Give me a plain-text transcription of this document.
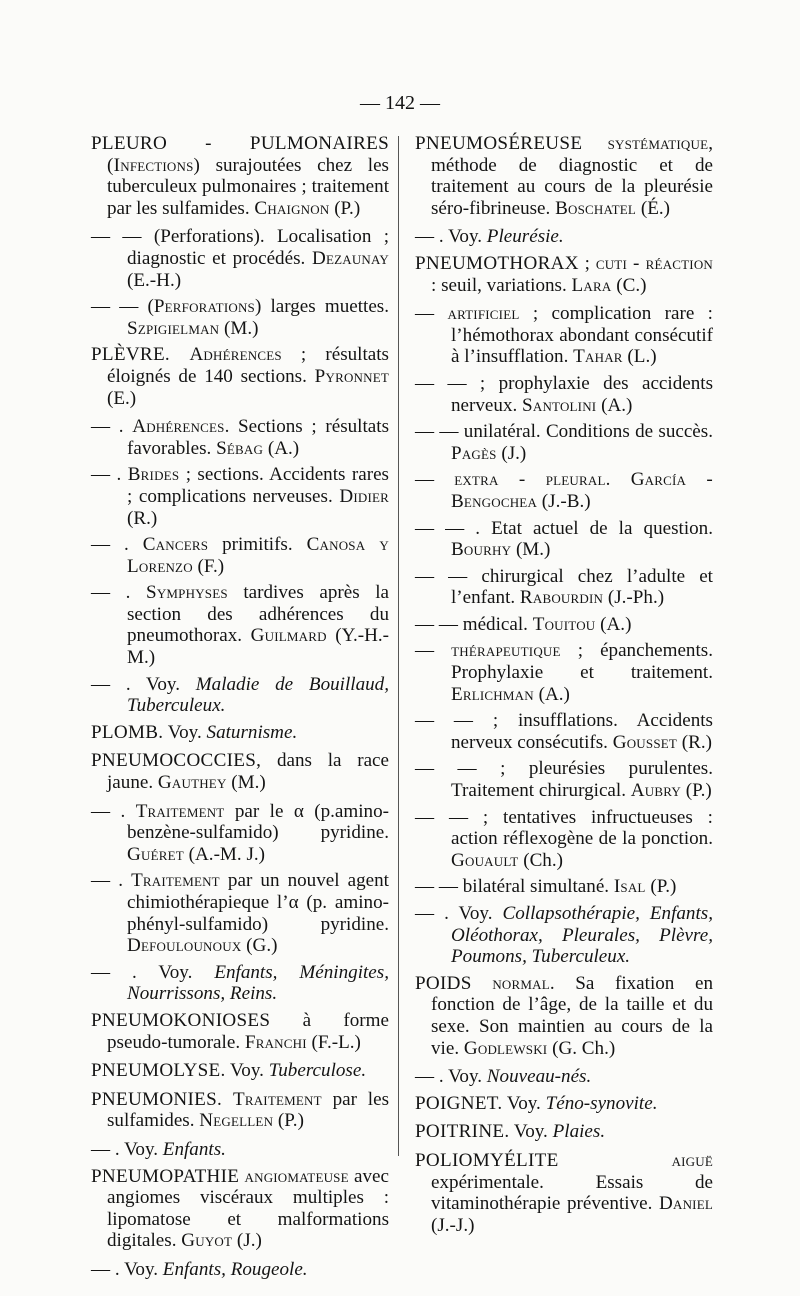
— 142 —

PLEURO - PULMONAIRES (Infections) surajoutées chez les tuberculeux pulmonaires ; traitement par les sulfamides. Chaignon (P.)

— — (Perforations). Localisation ; diagnostic et procédés. Dezaunay (E.-H.)

— — (Perforations) larges muettes. Szpigielman (M.)

PLÈVRE. Adhérences ; résultats éloignés de 140 sections. Pyronnet (E.)

— . Adhérences. Sections ; résultats favorables. Sébag (A.)

— . Brides ; sections. Accidents rares ; complications nerveuses. Didier (R.)

— . Cancers primitifs. Canosa y Lorenzo (F.)

— . Symphyses tardives après la section des adhérences du pneumothorax. Guilmard (Y.-H.-M.)

— . Voy. Maladie de Bouillaud, Tuberculeux.

PLOMB. Voy. Saturnisme.

PNEUMOCOCCIES, dans la race jaune. Gauthey (M.)

— . Traitement par le α (p.amino-benzène-sulfamido) pyridine. Guéret (A.-M. J.)

— . Traitement par un nouvel agent chimiothérapieque l’α (p. amino-phényl-sulfamido) pyridine. Defoulounoux (G.)

— . Voy. Enfants, Méningites, Nourrissons, Reins.

PNEUMOKONIOSES à forme pseudo-tumorale. Franchi (F.-L.)

PNEUMOLYSE. Voy. Tuberculose.

PNEUMONIES. Traitement par les sulfamides. Negellen (P.)

— . Voy. Enfants.

PNEUMOPATHIE angiomateuse avec angiomes viscéraux multiples : lipomatose et malformations digitales. Guyot (J.)

— . Voy. Enfants, Rougeole.

PNEUMOSÉREUSE systématique, méthode de diagnostic et de traitement au cours de la pleurésie séro-fibrineuse. Boschatel (É.)

— . Voy. Pleurésie.

PNEUMOTHORAX ; cuti - réaction : seuil, variations. Lara (C.)

— artificiel ; complication rare : l’hémothorax abondant consécutif à l’insufflation. Tahar (L.)

— — ; prophylaxie des accidents nerveux. Santolini (A.)

— — unilatéral. Conditions de succès. Pagès (J.)

— extra - pleural. García - Bengochea (J.-B.)

— — . Etat actuel de la question. Bourhy (M.)

— — chirurgical chez l’adulte et l’enfant. Rabourdin (J.-Ph.)

— — médical. Touitou (A.)

— thérapeutique ; épanchements. Prophylaxie et traitement. Erlichman (A.)

— — ; insufflations. Accidents nerveux consécutifs. Gousset (R.)

— — ; pleurésies purulentes. Traitement chirurgical. Aubry (P.)

— — ; tentatives infructueuses : action réflexogène de la ponction. Gouault (Ch.)

— — bilatéral simultané. Isal (P.)

— . Voy. Collapsothérapie, Enfants, Oléothorax, Pleurales, Plèvre, Poumons, Tuberculeux.

POIDS normal. Sa fixation en fonction de l’âge, de la taille et du sexe. Son maintien au cours de la vie. Godlewski (G. Ch.)

— . Voy. Nouveau-nés.

POIGNET. Voy. Téno-synovite.

POITRINE. Voy. Plaies.

POLIOMYÉLITE	aiguë expérimentale. Essais de vitaminothérapie préventive. Daniel (J.-J.)
